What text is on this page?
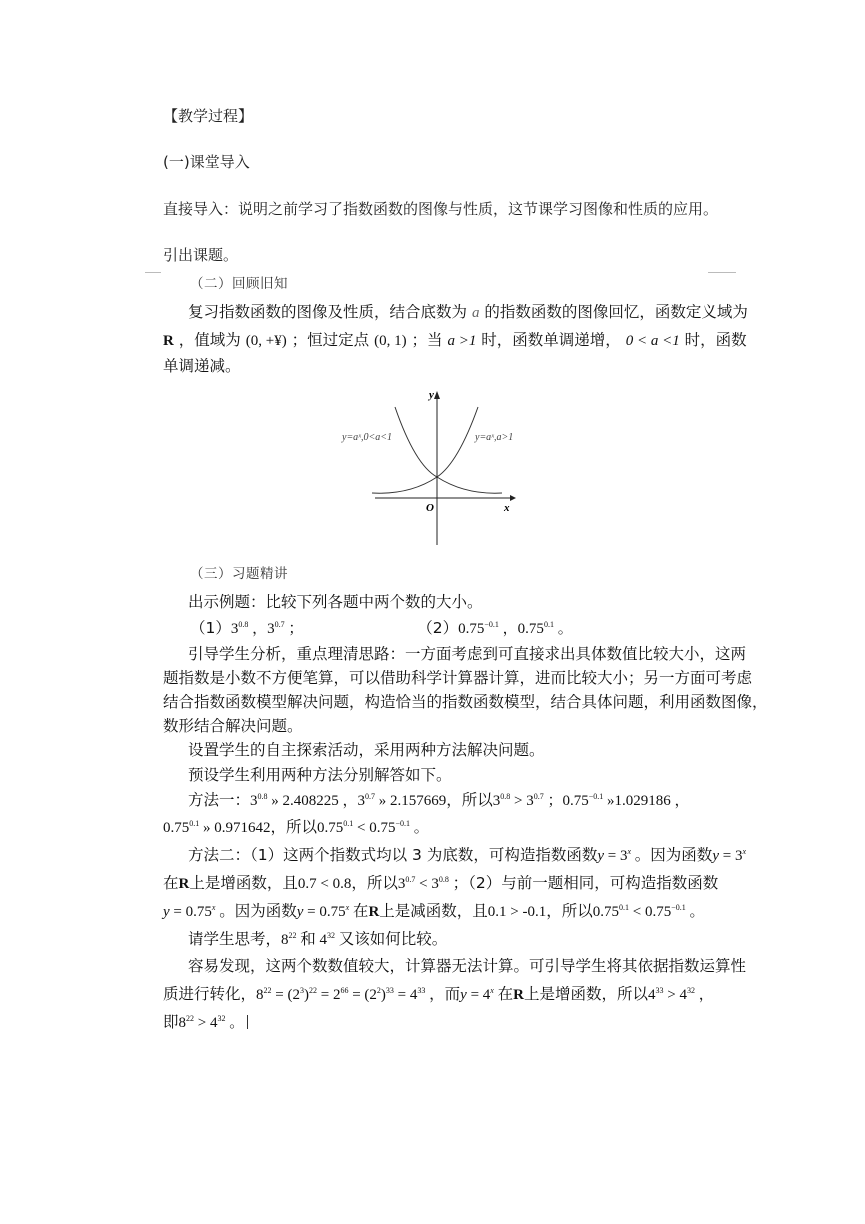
【教学过程】
(一)课堂导入
直接导入：说明之前学习了指数函数的图像与性质，这节课学习图像和性质的应用。
引出课题。
（二）回顾旧知
复习指数函数的图像及性质，结合底数为 a 的指数函数的图像回忆，函数定义域为
R ，值域为 (0, +¥) ；恒过定点 (0, 1) ；当 a >1 时，函数单调递增， 0 < a <1 时，函数
单调递减。
y
x
O
y=aˣ,0<a<1	y=aˣ,a>1
（三）习题精讲
出示例题：比较下列各题中两个数的大小。
$(1)3^{0.8}$ ，$3^{0.7}$ ；	$(2)0.75^{-0.1}$ ，$0.75^{0.1}$ 。
引导学生分析，重点理清思路：一方面考虑到可直接求出具体数值比较大小，这两
题指数是小数不方便笔算，可以借助科学计算器计算，进而比较大小；另一方面可考虑
结合指数函数模型解决问题，构造恰当的指数函数模型，结合具体问题，利用函数图像，
数形结合解决问题。
设置学生的自主探索活动，采用两种方法解决问题。
预设学生利用两种方法分别解答如下。
方法一：$3^{0.8}$ » 2.408225 ，$3^{0.7}$ » 2.157669，所以$3^{0.8} > 3^{0.7}$ ；$0.75^{-0.1}$ »1.029186 ，
$0.75^{0.1}$ » 0.971642，所以$0.75^{0.1} < 0.75^{-0.1}$ 。
方法二：（1）这两个指数式均以 3 为底数，可构造指数函数$y = 3^x$ 。因为函数$y = 3^x$
在R上是增函数，且0.7 < 0.8，所以$3^{0.7} < 3^{0.8}$ ；（2）与前一题相同，可构造指数函数
$y = 0.75^x$ 。因为函数$y = 0.75^x$ 在R上是减函数，且0.1 > -0.1，所以$0.75^{0.1} < 0.75^{-0.1}$ 。
请学生思考，$8^{22}$ 和 $4^{32}$ 又该如何比较。
容易发现，这两个数数值较大，计算器无法计算。可引导学生将其依据指数运算性
质进行转化，$8^{22} = (2^3)^{22} = 2^{66} = (2^2)^{33} = 4^{33}$ ，而$y = 4^x$ 在R上是增函数，所以$4^{33} > 4^{32}$ ，
即$8^{22} > 4^{32}$ 。
